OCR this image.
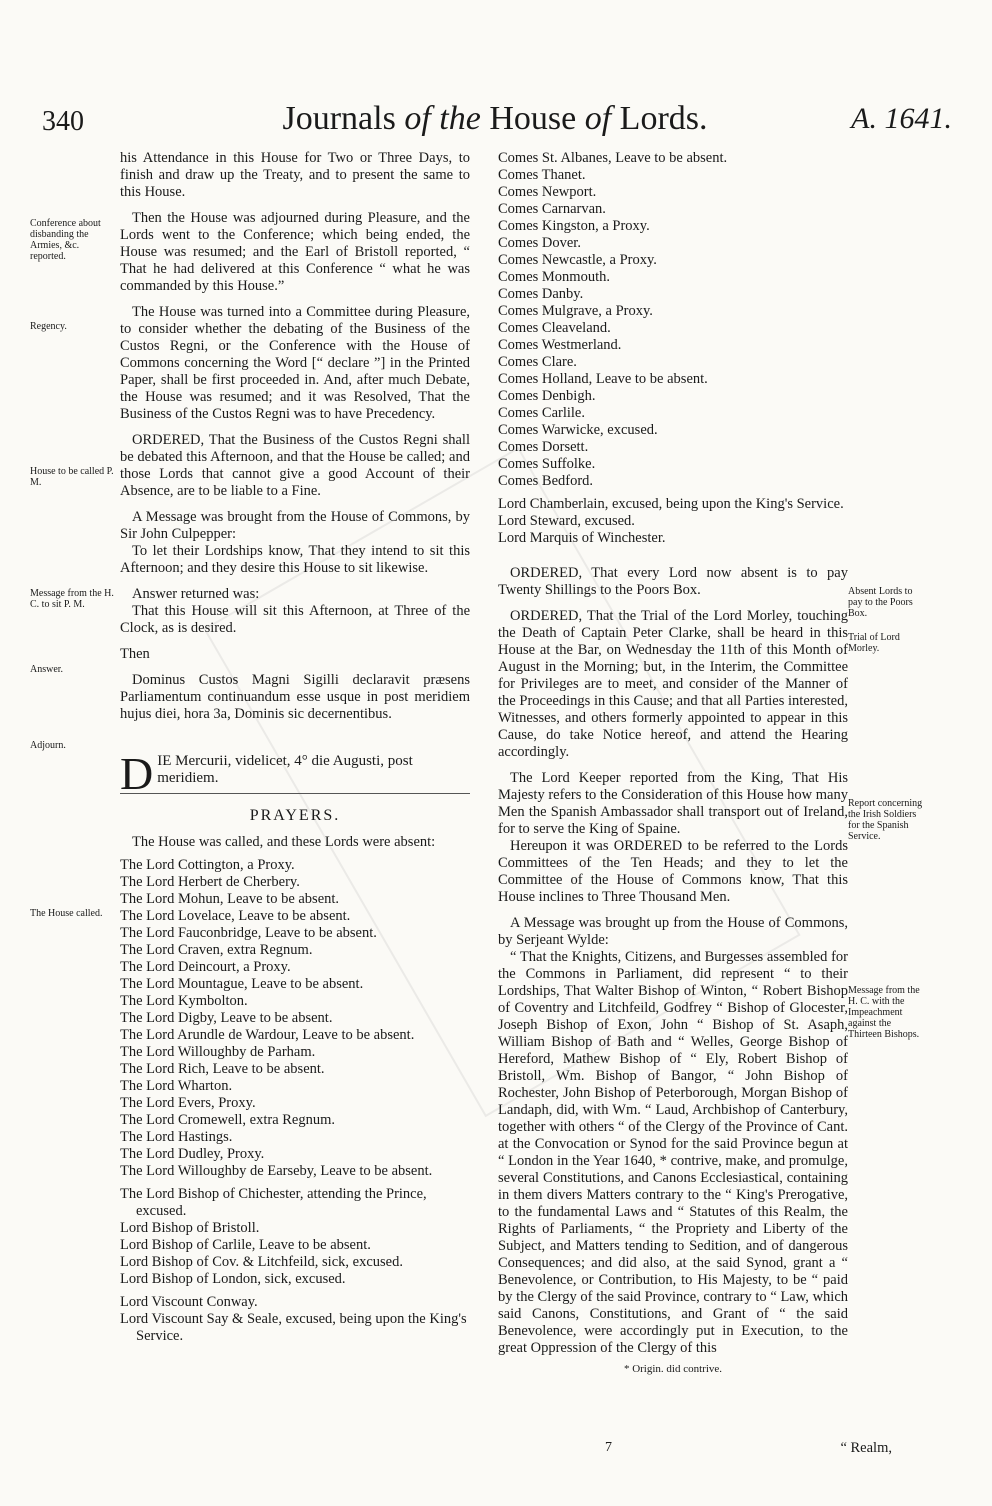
340	Journals of the House of Lords.	A. 1641.
Conference about disbanding the Armies, &c. reported.
Regency.
House to be called P. M.
Message from the H. C. to sit P. M.
Answer.
Adjourn.
The House called.
Absent Lords to pay to the Poors Box.
Trial of Lord Morley.
Report concerning the Irish Soldiers for the Spanish Service.
Message from the H. C. with the Impeachment against the Thirteen Bishops.

his Attendance in this House for Two or Three Days, to finish and draw up the Treaty, and to present the same to this House.

Then the House was adjourned during Pleasure, and the Lords went to the Conference; which being ended, the House was resumed; and the Earl of Bristoll reported, “ That he had delivered at this Conference “ what he was commanded by this House.”

The House was turned into a Committee during Pleasure, to consider whether the debating of the Business of the Custos Regni, or the Conference with the House of Commons concerning the Word [“ declare ”] in the Printed Paper, shall be first proceeded in. And, after much Debate, the House was resumed; and it was Resolved, That the Business of the Custos Regni was to have Precedency.

ORDERED, That the Business of the Custos Regni shall be debated this Afternoon, and that the House be called; and those Lords that cannot give a good Account of their Absence, are to be liable to a Fine.

A Message was brought from the House of Commons, by Sir John Culpepper:

To let their Lordships know, That they intend to sit this Afternoon; and they desire this House to sit likewise.

Answer returned was:

That this House will sit this Afternoon, at Three of the Clock, as is desired.

Then

Dominus Custos Magni Sigilli declaravit præsens Parliamentum continuandum esse usque in post meridiem hujus diei, hora 3a, Dominis sic decernentibus.

D IE Mercurii, videlicet, 4° die Augusti, post meridiem.
PRAYERS.

The House was called, and these Lords were absent:

The Lord Cottington, a Proxy.
The Lord Herbert de Cherbery.
The Lord Mohun, Leave to be absent.
The Lord Lovelace, Leave to be absent.
The Lord Fauconbridge, Leave to be absent.
The Lord Craven, extra Regnum.
The Lord Deincourt, a Proxy.
The Lord Mountague, Leave to be absent.
The Lord Kymbolton.
The Lord Digby, Leave to be absent.
The Lord Arundle de Wardour, Leave to be absent.
The Lord Willoughby de Parham.
The Lord Rich, Leave to be absent.
The Lord Wharton.
The Lord Evers, Proxy.
The Lord Cromewell, extra Regnum.
The Lord Hastings.
The Lord Dudley, Proxy.
The Lord Willoughby de Earseby, Leave to be absent.
The Lord Bishop of Chichester, attending the Prince, excused.
Lord Bishop of Bristoll.
Lord Bishop of Carlile, Leave to be absent.
Lord Bishop of Cov. & Litchfeild, sick, excused.
Lord Bishop of London, sick, excused.
Lord Viscount Conway.
Lord Viscount Say & Seale, excused, being upon the King's Service.
Comes St. Albanes, Leave to be absent.
Comes Thanet.
Comes Newport.
Comes Carnarvan.
Comes Kingston, a Proxy.
Comes Dover.
Comes Newcastle, a Proxy.
Comes Monmouth.
Comes Danby.
Comes Mulgrave, a Proxy.
Comes Cleaveland.
Comes Westmerland.
Comes Clare.
Comes Holland, Leave to be absent.
Comes Denbigh.
Comes Carlile.
Comes Warwicke, excused.
Comes Dorsett.
Comes Suffolke.
Comes Bedford.
Lord Chamberlain, excused, being upon the King's Service.
Lord Steward, excused.
Lord Marquis of Winchester.

ORDERED, That every Lord now absent is to pay Twenty Shillings to the Poors Box.

ORDERED, That the Trial of the Lord Morley, touching the Death of Captain Peter Clarke, shall be heard in this House at the Bar, on Wednesday the 11th of this Month of August in the Morning; but, in the Interim, the Committee for Privileges are to meet, and consider of the Manner of the Proceedings in this Cause; and that all Parties interested, Witnesses, and others formerly appointed to appear in this Cause, do take Notice hereof, and attend the Hearing accordingly.

The Lord Keeper reported from the King, That His Majesty refers to the Consideration of this House how many Men the Spanish Ambassador shall transport out of Ireland, for to serve the King of Spaine.

Hereupon it was ORDERED to be referred to the Lords Committees of the Ten Heads; and they to let the Committee of the House of Commons know, That this House inclines to Three Thousand Men.

A Message was brought up from the House of Commons, by Serjeant Wylde:

“ That the Knights, Citizens, and Burgesses assembled for the Commons in Parliament, did represent “ to their Lordships, That Walter Bishop of Winton, “ Robert Bishop of Coventry and Litchfeild, Godfrey “ Bishop of Glocester, Joseph Bishop of Exon, John “ Bishop of St. Asaph, William Bishop of Bath and “ Welles, George Bishop of Hereford, Mathew Bishop of “ Ely, Robert Bishop of Bristoll, Wm. Bishop of Bangor, “ John Bishop of Rochester, John Bishop of Peterborough, Morgan Bishop of Landaph, did, with Wm. “ Laud, Archbishop of Canterbury, together with others “ of the Clergy of the Province of Cant. at the Convocation or Synod for the said Province begun at “ London in the Year 1640, * contrive, make, and promulge, several Constitutions, and Canons Ecclesiastical, containing in them divers Matters contrary to the “ King's Prerogative, to the fundamental Laws and “ Statutes of this Realm, the Rights of Parliaments, “ the Propriety and Liberty of the Subject, and Matters tending to Sedition, and of dangerous Consequences; and did also, at the said Synod, grant a “ Benevolence, or Contribution, to His Majesty, to be “ paid by the Clergy of the said Province, contrary to “ Law, which said Canons, Constitutions, and Grant of “ the said Benevolence, were accordingly put in Execution, to the great Oppression of the Clergy of this

* Origin. did contrive.
7	“ Realm,
